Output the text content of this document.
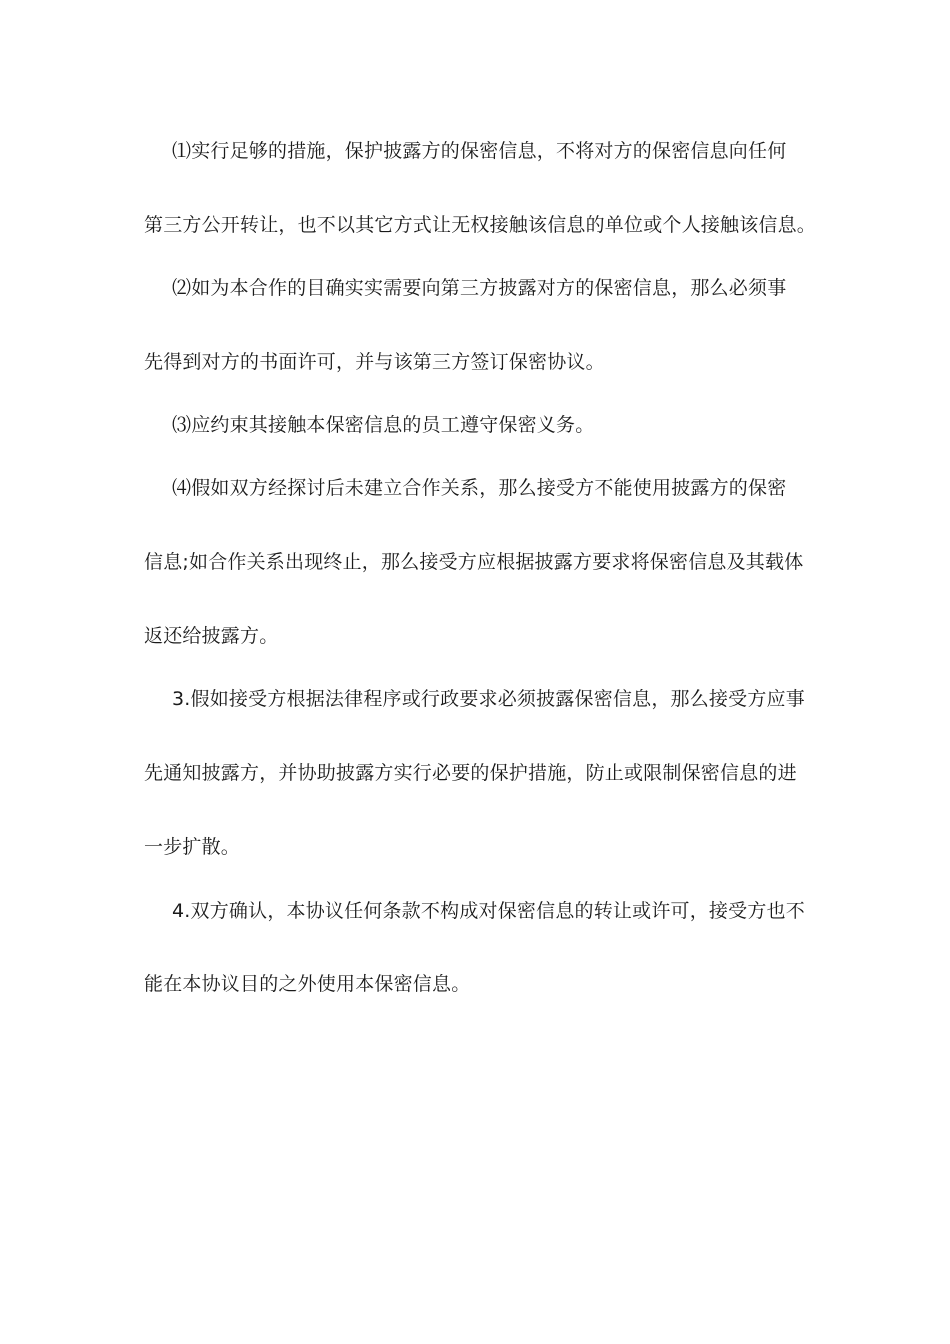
⑴实行足够的措施，保护披露方的保密信息，不将对方的保密信息向任何
第三方公开转让，也不以其它方式让无权接触该信息的单位或个人接触该信息。
⑵如为本合作的目确实实需要向第三方披露对方的保密信息，那么必须事
先得到对方的书面许可，并与该第三方签订保密协议。
⑶应约束其接触本保密信息的员工遵守保密义务。
⑷假如双方经探讨后未建立合作关系，那么接受方不能使用披露方的保密
信息;如合作关系出现终止，那么接受方应根据披露方要求将保密信息及其载体
返还给披露方。
3.假如接受方根据法律程序或行政要求必须披露保密信息，那么接受方应事
先通知披露方，并协助披露方实行必要的保护措施，防止或限制保密信息的进
一步扩散。
4.双方确认，本协议任何条款不构成对保密信息的转让或许可，接受方也不
能在本协议目的之外使用本保密信息。
